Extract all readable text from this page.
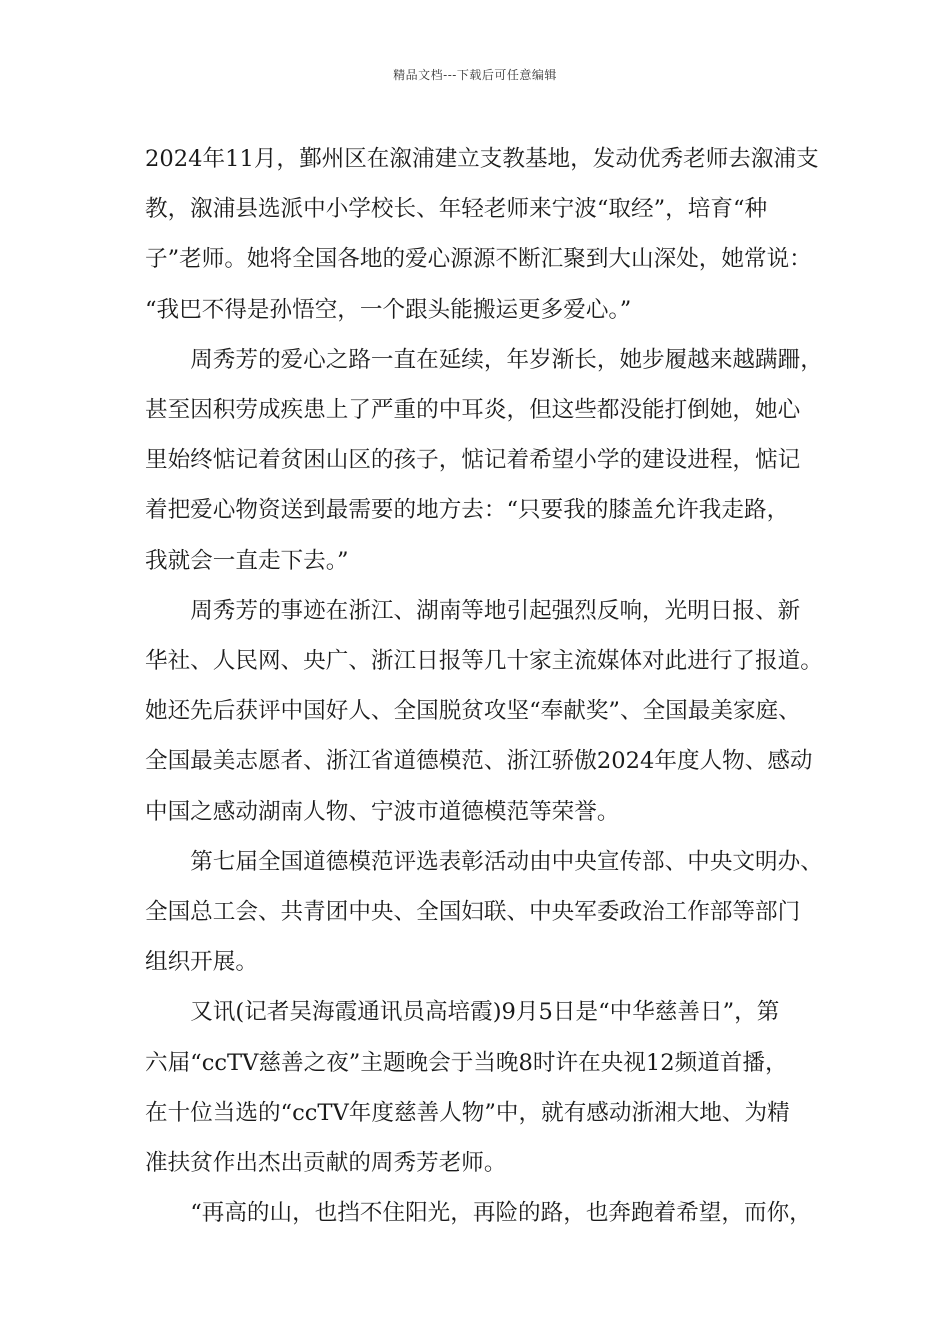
精品文档---下载后可任意编辑

2024年11月，鄞州区在溆浦建立支教基地，发动优秀老师去溆浦支
教，溆浦县选派中小学校长、年轻老师来宁波“取经”，培育“种
子”老师。她将全国各地的爱心源源不断汇聚到大山深处，她常说：
“我巴不得是孙悟空，一个跟头能搬运更多爱心。”

周秀芳的爱心之路一直在延续，年岁渐长，她步履越来越蹒跚，
甚至因积劳成疾患上了严重的中耳炎，但这些都没能打倒她，她心
里始终惦记着贫困山区的孩子，惦记着希望小学的建设进程，惦记
着把爱心物资送到最需要的地方去：“只要我的膝盖允许我走路，
我就会一直走下去。”

周秀芳的事迹在浙江、湖南等地引起强烈反响，光明日报、新
华社、人民网、央广、浙江日报等几十家主流媒体对此进行了报道。
她还先后获评中国好人、全国脱贫攻坚“奉献奖”、全国最美家庭、
全国最美志愿者、浙江省道德模范、浙江骄傲2024年度人物、感动
中国之感动湖南人物、宁波市道德模范等荣誉。

第七届全国道德模范评选表彰活动由中央宣传部、中央文明办、
全国总工会、共青团中央、全国妇联、中央军委政治工作部等部门
组织开展。

又讯(记者吴海霞通讯员高培霞)9月5日是“中华慈善日”，第
六届“ccTV慈善之夜”主题晚会于当晚8时许在央视12频道首播，
在十位当选的“ccTV年度慈善人物”中，就有感动浙湘大地、为精
准扶贫作出杰出贡献的周秀芳老师。

“再高的山，也挡不住阳光，再险的路，也奔跑着希望，而你，
